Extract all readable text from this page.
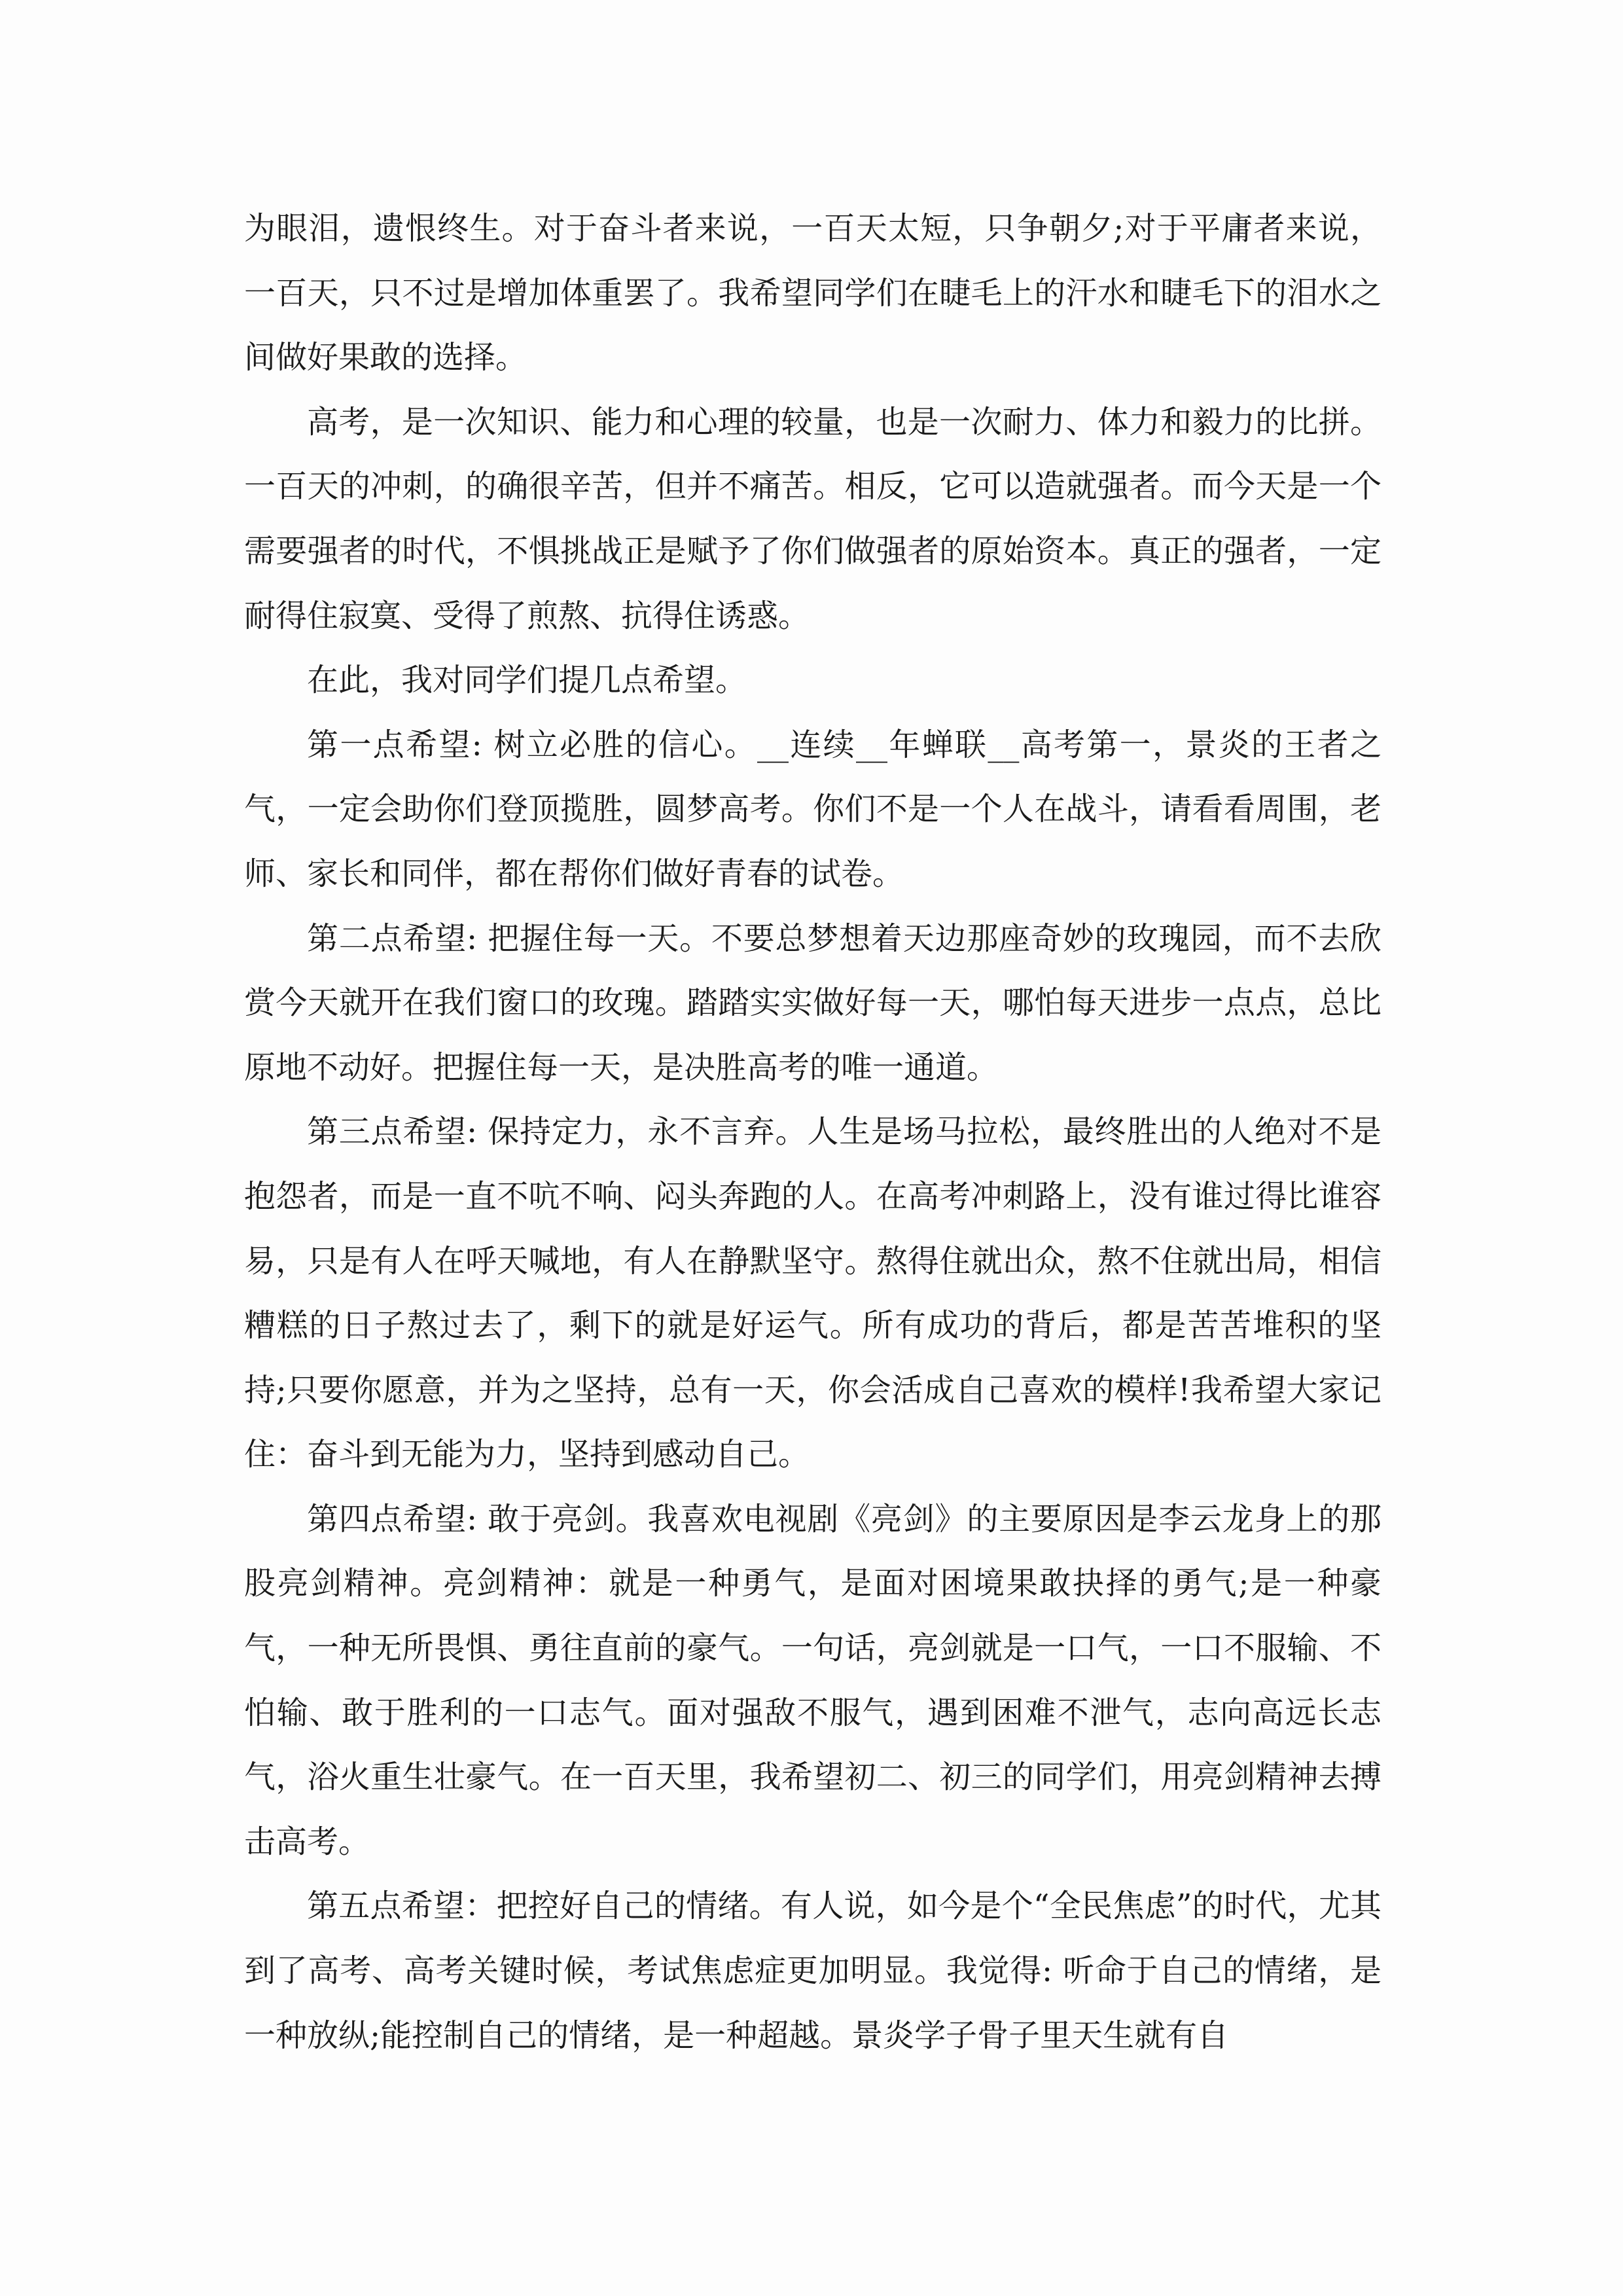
为眼泪，遗恨终生。对于奋斗者来说，一百天太短，只争朝夕;对于平庸者来说，一百天，只不过是增加体重罢了。我希望同学们在睫毛上的汗水和睫毛下的泪水之间做好果敢的选择。

高考，是一次知识、能力和心理的较量，也是一次耐力、体力和毅力的比拼。一百天的冲刺，的确很辛苦，但并不痛苦。相反，它可以造就强者。而今天是一个需要强者的时代，不惧挑战正是赋予了你们做强者的原始资本。真正的强者，一定耐得住寂寞、受得了煎熬、抗得住诱惑。

在此，我对同学们提几点希望。

第一点希望: 树立必胜的信心。__连续__年蝉联__高考第一，景炎的王者之气，一定会助你们登顶揽胜，圆梦高考。你们不是一个人在战斗，请看看周围，老师、家长和同伴，都在帮你们做好青春的试卷。

第二点希望: 把握住每一天。不要总梦想着天边那座奇妙的玫瑰园，而不去欣赏今天就开在我们窗口的玫瑰。踏踏实实做好每一天，哪怕每天进步一点点，总比原地不动好。把握住每一天，是决胜高考的唯一通道。

第三点希望: 保持定力，永不言弃。人生是场马拉松，最终胜出的人绝对不是抱怨者，而是一直不吭不响、闷头奔跑的人。在高考冲刺路上，没有谁过得比谁容易，只是有人在呼天喊地，有人在静默坚守。熬得住就出众，熬不住就出局，相信糟糕的日子熬过去了，剩下的就是好运气。所有成功的背后，都是苦苦堆积的坚持;只要你愿意，并为之坚持，总有一天，你会活成自己喜欢的模样!我希望大家记住：奋斗到无能为力，坚持到感动自己。

第四点希望: 敢于亮剑。我喜欢电视剧《亮剑》的主要原因是李云龙身上的那股亮剑精神。亮剑精神：就是一种勇气，是面对困境果敢抉择的勇气;是一种豪气，一种无所畏惧、勇往直前的豪气。一句话，亮剑就是一口气，一口不服输、不怕输、敢于胜利的一口志气。面对强敌不服气，遇到困难不泄气，志向高远长志气，浴火重生壮豪气。在一百天里，我希望初二、初三的同学们，用亮剑精神去搏击高考。

第五点希望：把控好自己的情绪。有人说，如今是个“全民焦虑”的时代，尤其到了高考、高考关键时候，考试焦虑症更加明显。我觉得: 听命于自己的情绪，是一种放纵;能控制自己的情绪，是一种超越。景炎学子骨子里天生就有自
